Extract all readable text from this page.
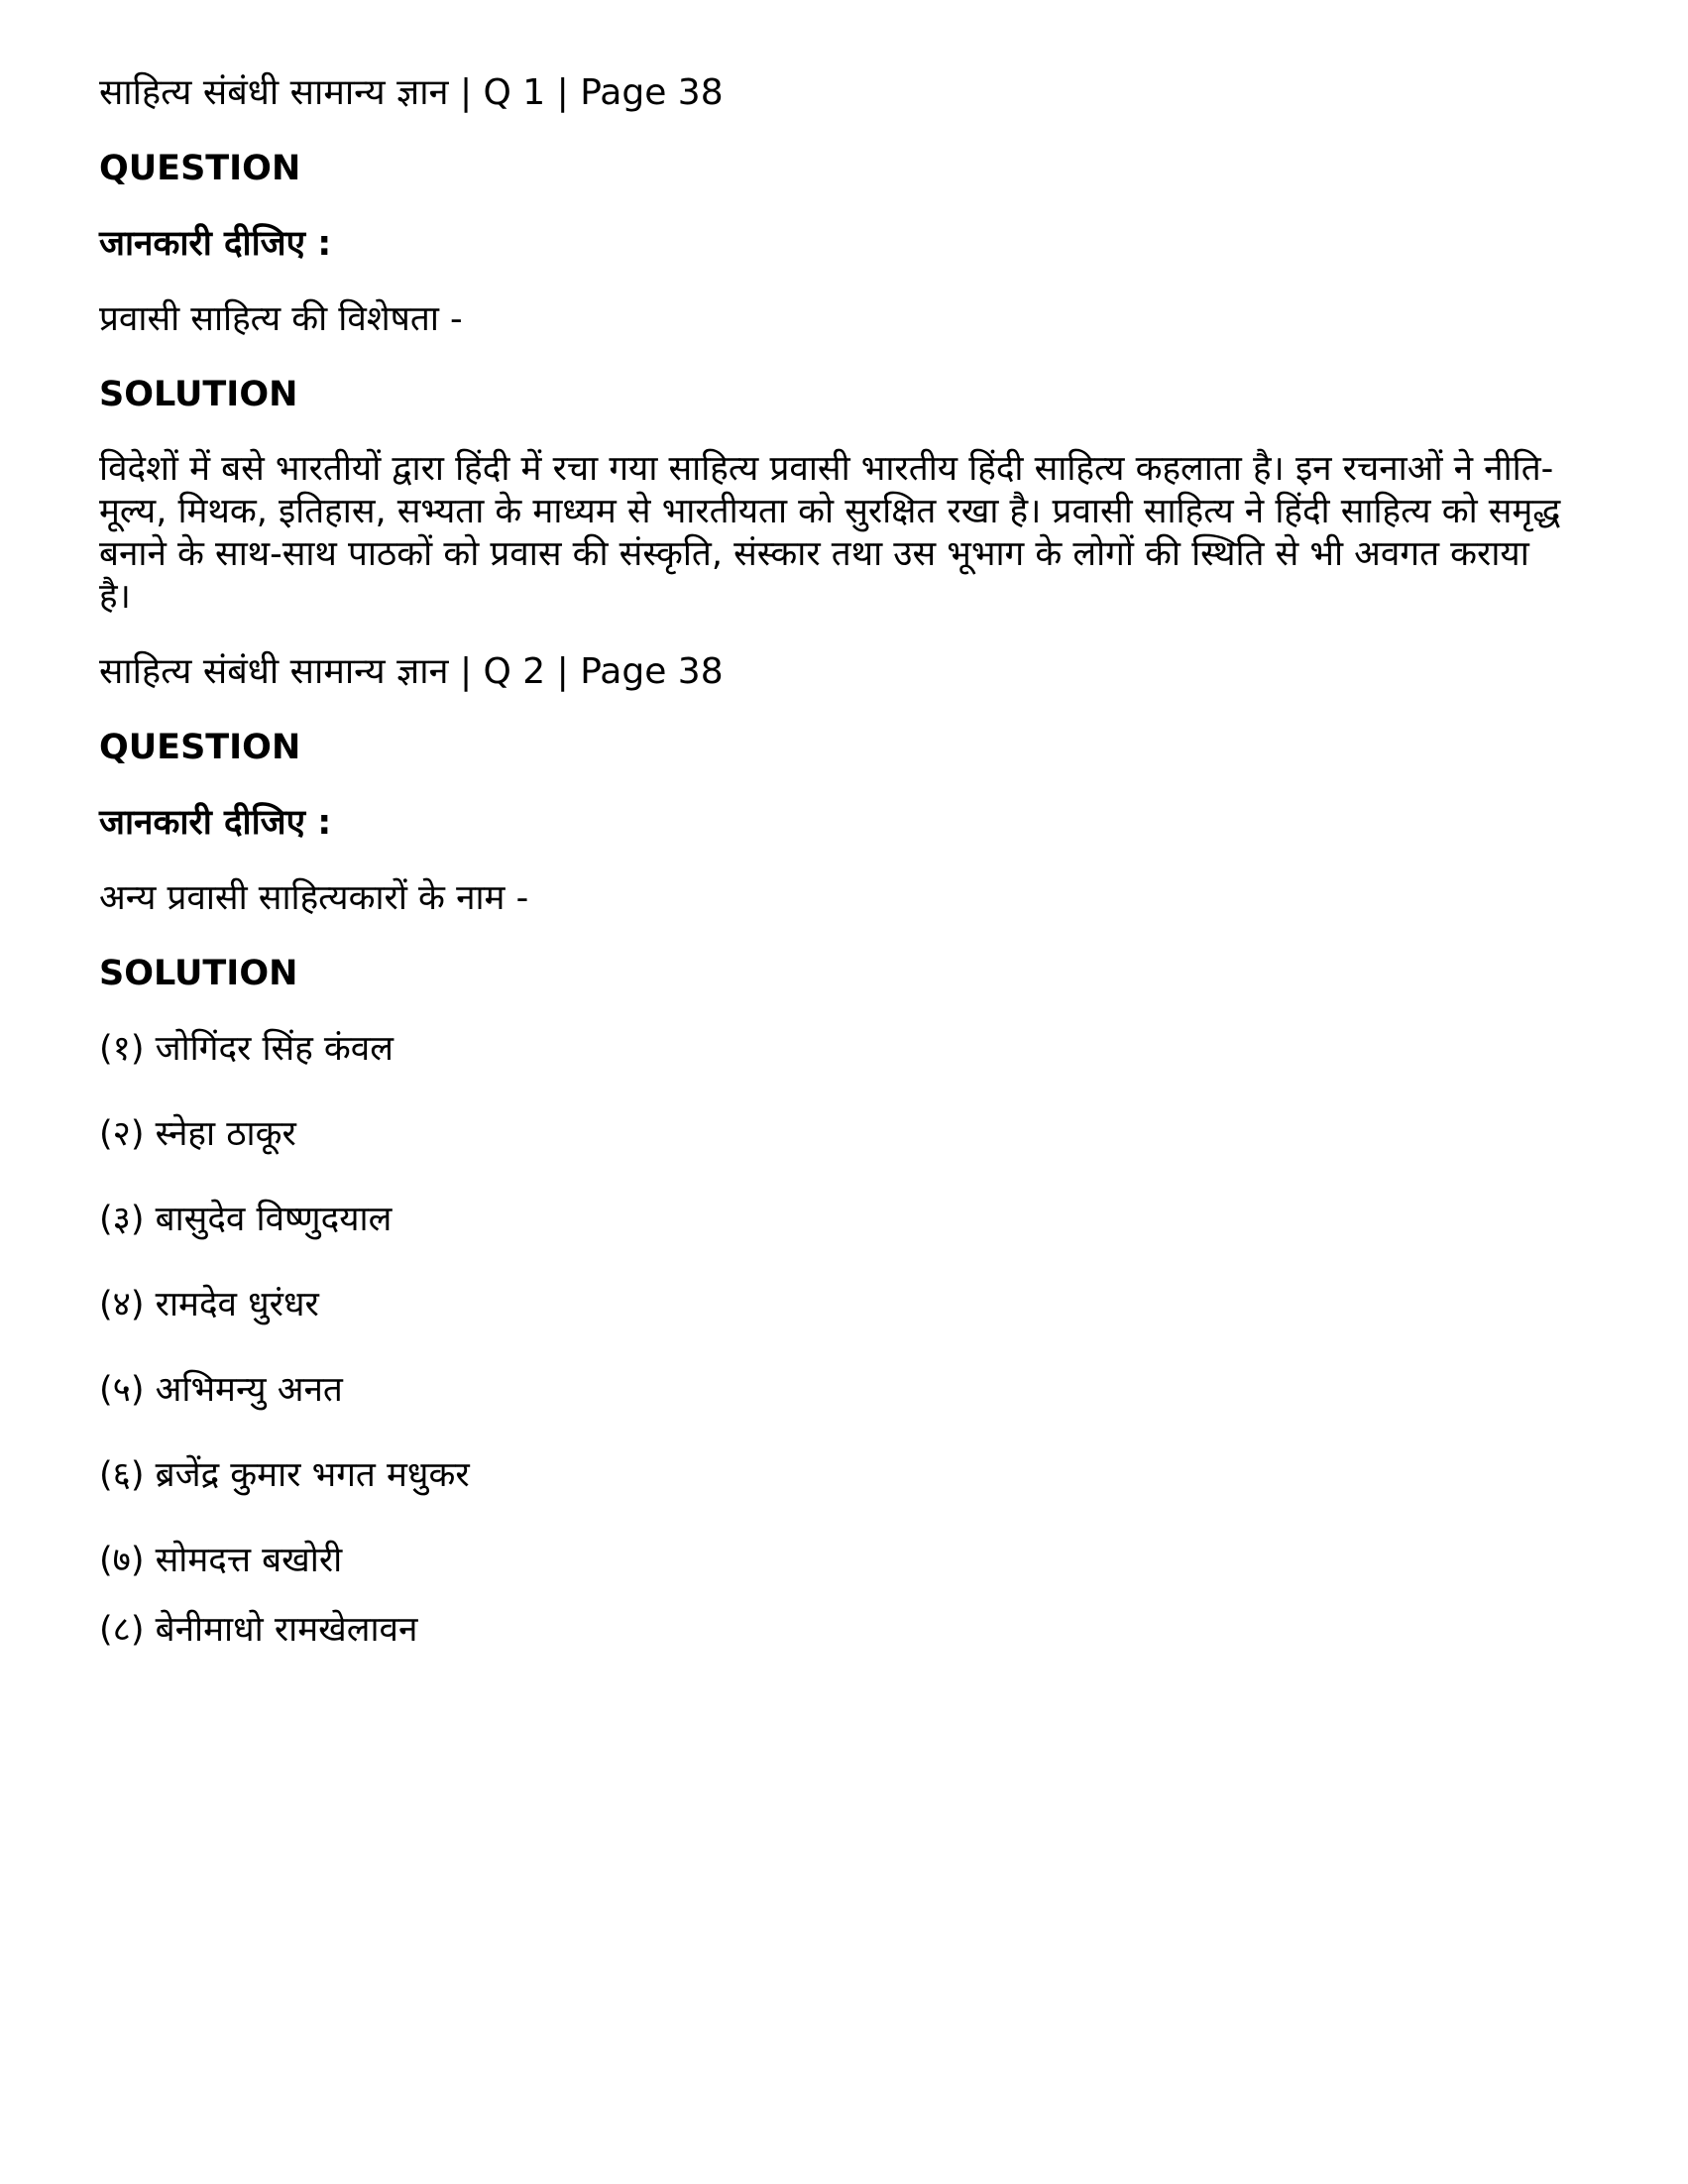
साहित्य संबंधी सामान्य ज्ञान | Q 1 | Page 38
QUESTION
जानकारी दीजिए :
प्रवासी साहित्य की विशेषता -
SOLUTION

विदेशों में बसे भारतीयों द्वारा हिंदी में रचा गया साहित्य प्रवासी भारतीय हिंदी साहित्य कहलाता है। इन रचनाओं ने नीति-मूल्य, मिथक, इतिहास, सभ्यता के माध्यम से भारतीयता को सुरक्षित रखा है। प्रवासी साहित्य ने हिंदी साहित्य को समृद्ध बनाने के साथ-साथ पाठकों को प्रवास की संस्कृति, संस्कार तथा उस भूभाग के लोगों की स्थिति से भी अवगत कराया है।

साहित्य संबंधी सामान्य ज्ञान | Q 2 | Page 38
QUESTION
जानकारी दीजिए :
अन्य प्रवासी साहित्यकारों के नाम -
SOLUTION
(१) जोगिंदर सिंह कंवल
(२) स्नेहा ठाकूर
(३) बासुदेव विष्णुदयाल
(४) रामदेव धुरंधर
(५) अभिमन्यु अनत
(६) ब्रजेंद्र कुमार भगत मधुकर
(७) सोमदत्त बखोरी
(८) बेनीमाधो रामखेलावन
